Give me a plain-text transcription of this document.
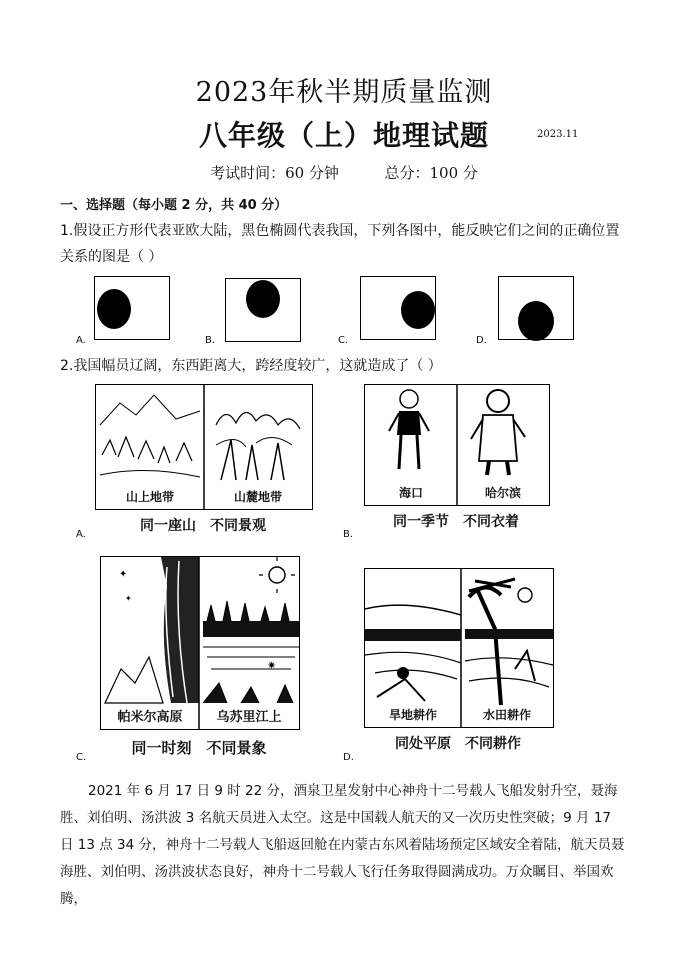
2023年秋半期质量监测
八年级（上）地理试题	2023.11
考试时间：60 分钟	总分：100 分
一、选择题（每小题 2 分，共 40 分）
1.假设正方形代表亚欧大陆，黑色椭圆代表我国，下列各图中，能反映它们之间的正确位置
关系的图是（ ）
A.	B.	C.	D.
2.我国幅员辽阔，东西距离大，跨经度较广，这就造成了（ ）
山上地带	山麓地带
同一座山　不同景观
A.
海口	哈尔滨
同一季节　不同衣着
B.
✦
✦
✷
帕米尔高原	乌苏里江上
同一时刻　不同景象
C.
旱地耕作	水田耕作
同处平原　不同耕作
D.
2021 年 6 月 17 日 9 时 22 分，酒泉卫星发射中心神舟十二号载人飞船发射升空，聂海胜、刘伯明、汤洪波 3 名航天员进入太空。这是中国载人航天的又一次历史性突破；9 月 17 日 13 点 34 分，神舟十二号载人飞船返回舱在内蒙古东风着陆场预定区域安全着陆，航天员聂海胜、刘伯明、汤洪波状态良好，神舟十二号载人飞行任务取得圆满成功。万众瞩目、举国欢腾，
